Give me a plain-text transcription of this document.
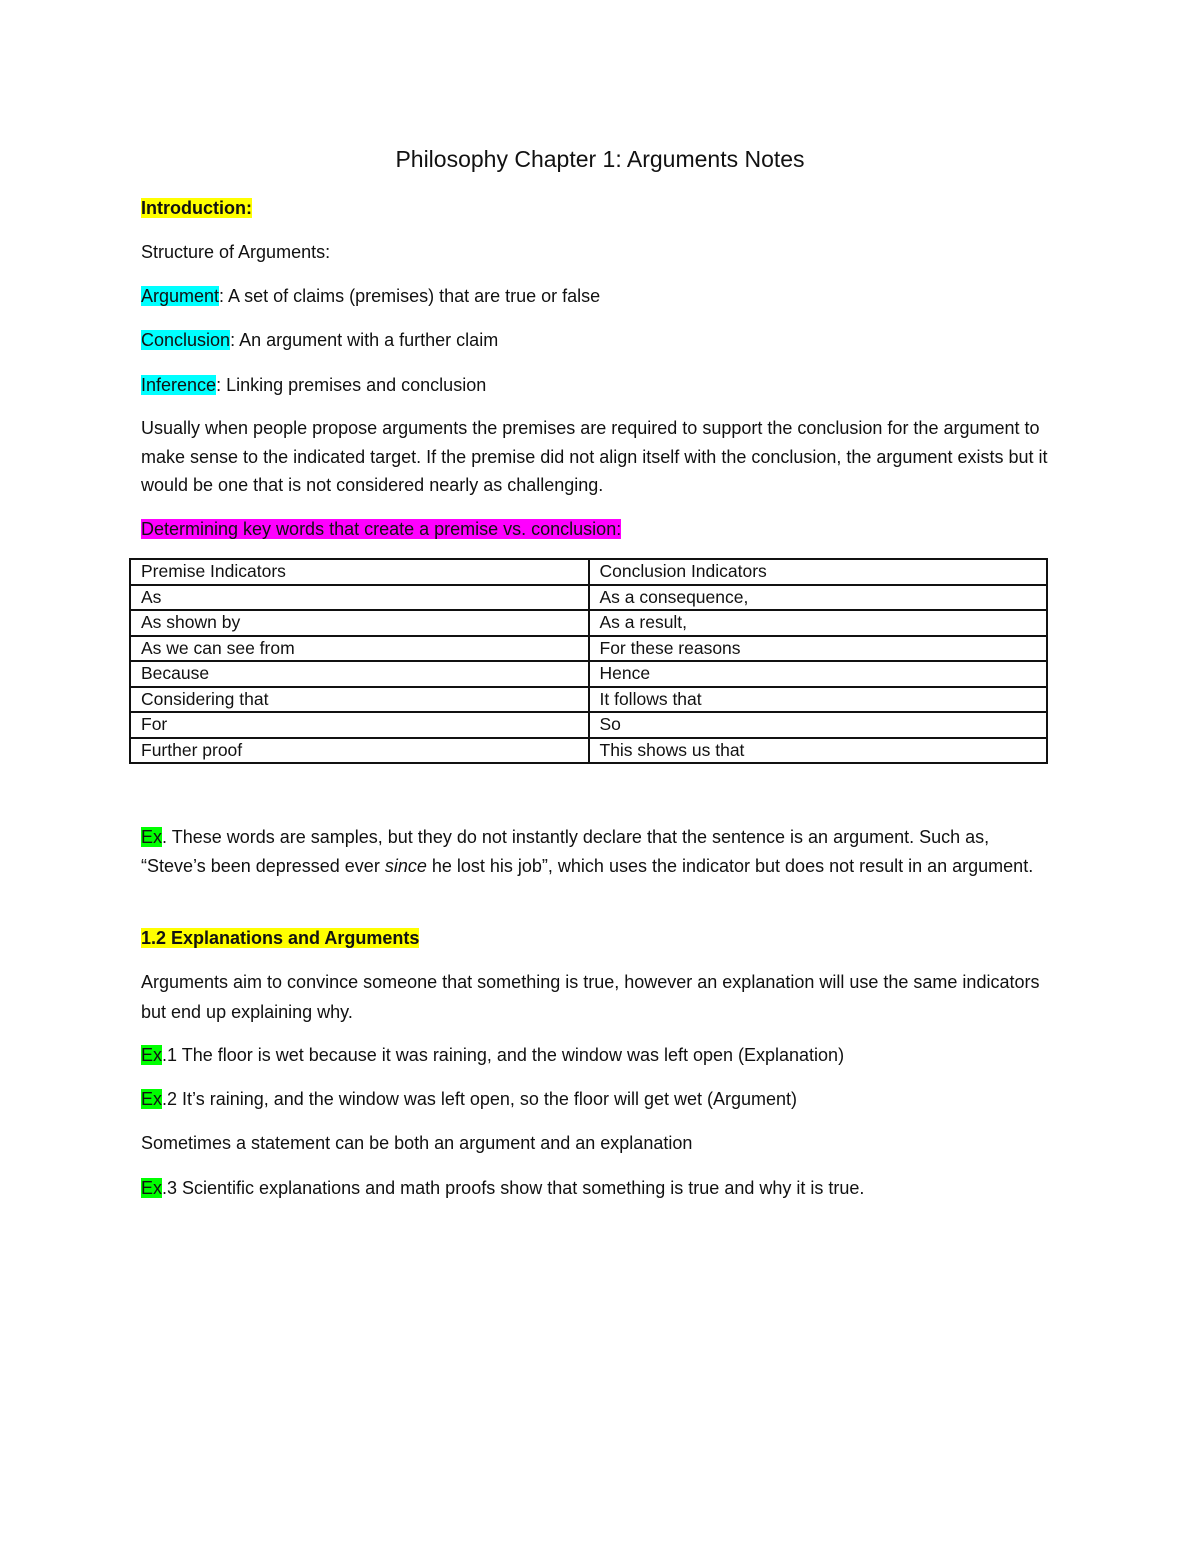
Philosophy Chapter 1: Arguments Notes
Introduction:
Structure of Arguments:
Argument: A set of claims (premises) that are true or false
Conclusion: An argument with a further claim
Inference: Linking premises and conclusion
Usually when people propose arguments the premises are required to support the conclusion for the argument to make sense to the indicated target. If the premise did not align itself with the conclusion, the argument exists but it would be one that is not considered nearly as challenging.
Determining key words that create a premise vs. conclusion:
Premise Indicators	Conclusion Indicators
As	As a consequence,
As shown by	As a result,
As we can see from	For these reasons
Because	Hence
Considering that	It follows that
For	So
Further proof	This shows us that
Ex. These words are samples, but they do not instantly declare that the sentence is an argument. Such as, “Steve’s been depressed ever since he lost his job”, which uses the indicator but does not result in an argument.
1.2 Explanations and Arguments
Arguments aim to convince someone that something is true, however an explanation will use the same indicators but end up explaining why.
Ex.1 The floor is wet because it was raining, and the window was left open (Explanation)
Ex.2 It’s raining, and the window was left open, so the floor will get wet (Argument)
Sometimes a statement can be both an argument and an explanation
Ex.3 Scientific explanations and math proofs show that something is true and why it is true.
